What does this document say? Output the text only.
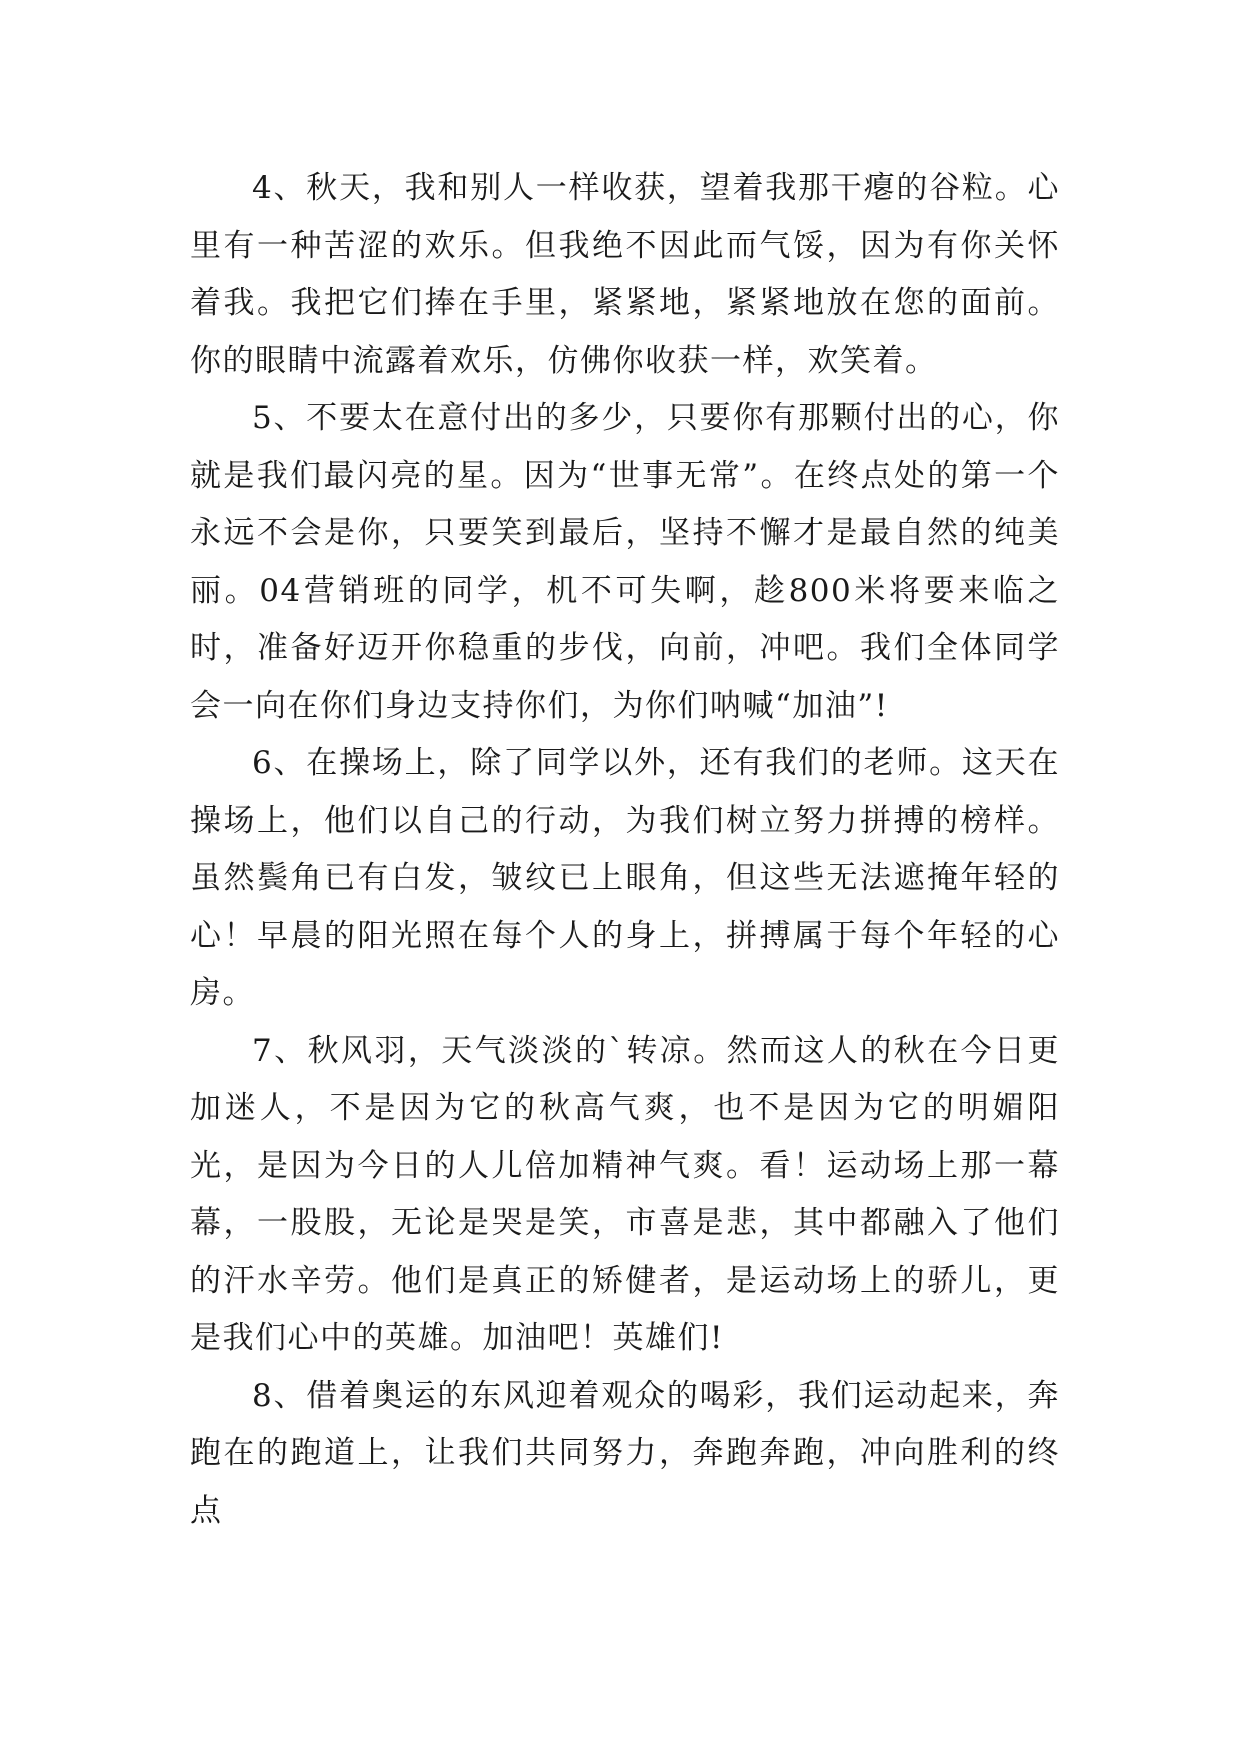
4、秋天，我和别人一样收获，望着我那干瘪的谷粒。心里有一种苦涩的欢乐。但我绝不因此而气馁，因为有你关怀着我。我把它们捧在手里，紧紧地，紧紧地放在您的面前。你的眼睛中流露着欢乐，仿佛你收获一样，欢笑着。

5、不要太在意付出的多少，只要你有那颗付出的心，你就是我们最闪亮的星。因为“世事无常”。在终点处的第一个永远不会是你，只要笑到最后，坚持不懈才是最自然的纯美丽。04营销班的同学，机不可失啊，趁800米将要来临之时，准备好迈开你稳重的步伐，向前，冲吧。我们全体同学会一向在你们身边支持你们，为你们呐喊“加油”!

6、在操场上，除了同学以外，还有我们的老师。这天在操场上，他们以自己的行动，为我们树立努力拼搏的榜样。虽然鬓角已有白发，皱纹已上眼角，但这些无法遮掩年轻的心！早晨的阳光照在每个人的身上，拼搏属于每个年轻的心房。

7、秋风羽，天气淡淡的`转凉。然而这人的秋在今日更加迷人，不是因为它的秋高气爽，也不是因为它的明媚阳光，是因为今日的人儿倍加精神气爽。看！运动场上那一幕幕，一股股，无论是哭是笑，市喜是悲，其中都融入了他们的汗水辛劳。他们是真正的矫健者，是运动场上的骄儿，更是我们心中的英雄。加油吧！英雄们!

8、借着奥运的东风迎着观众的喝彩，我们运动起来，奔跑在的跑道上，让我们共同努力，奔跑奔跑，冲向胜利的终点
